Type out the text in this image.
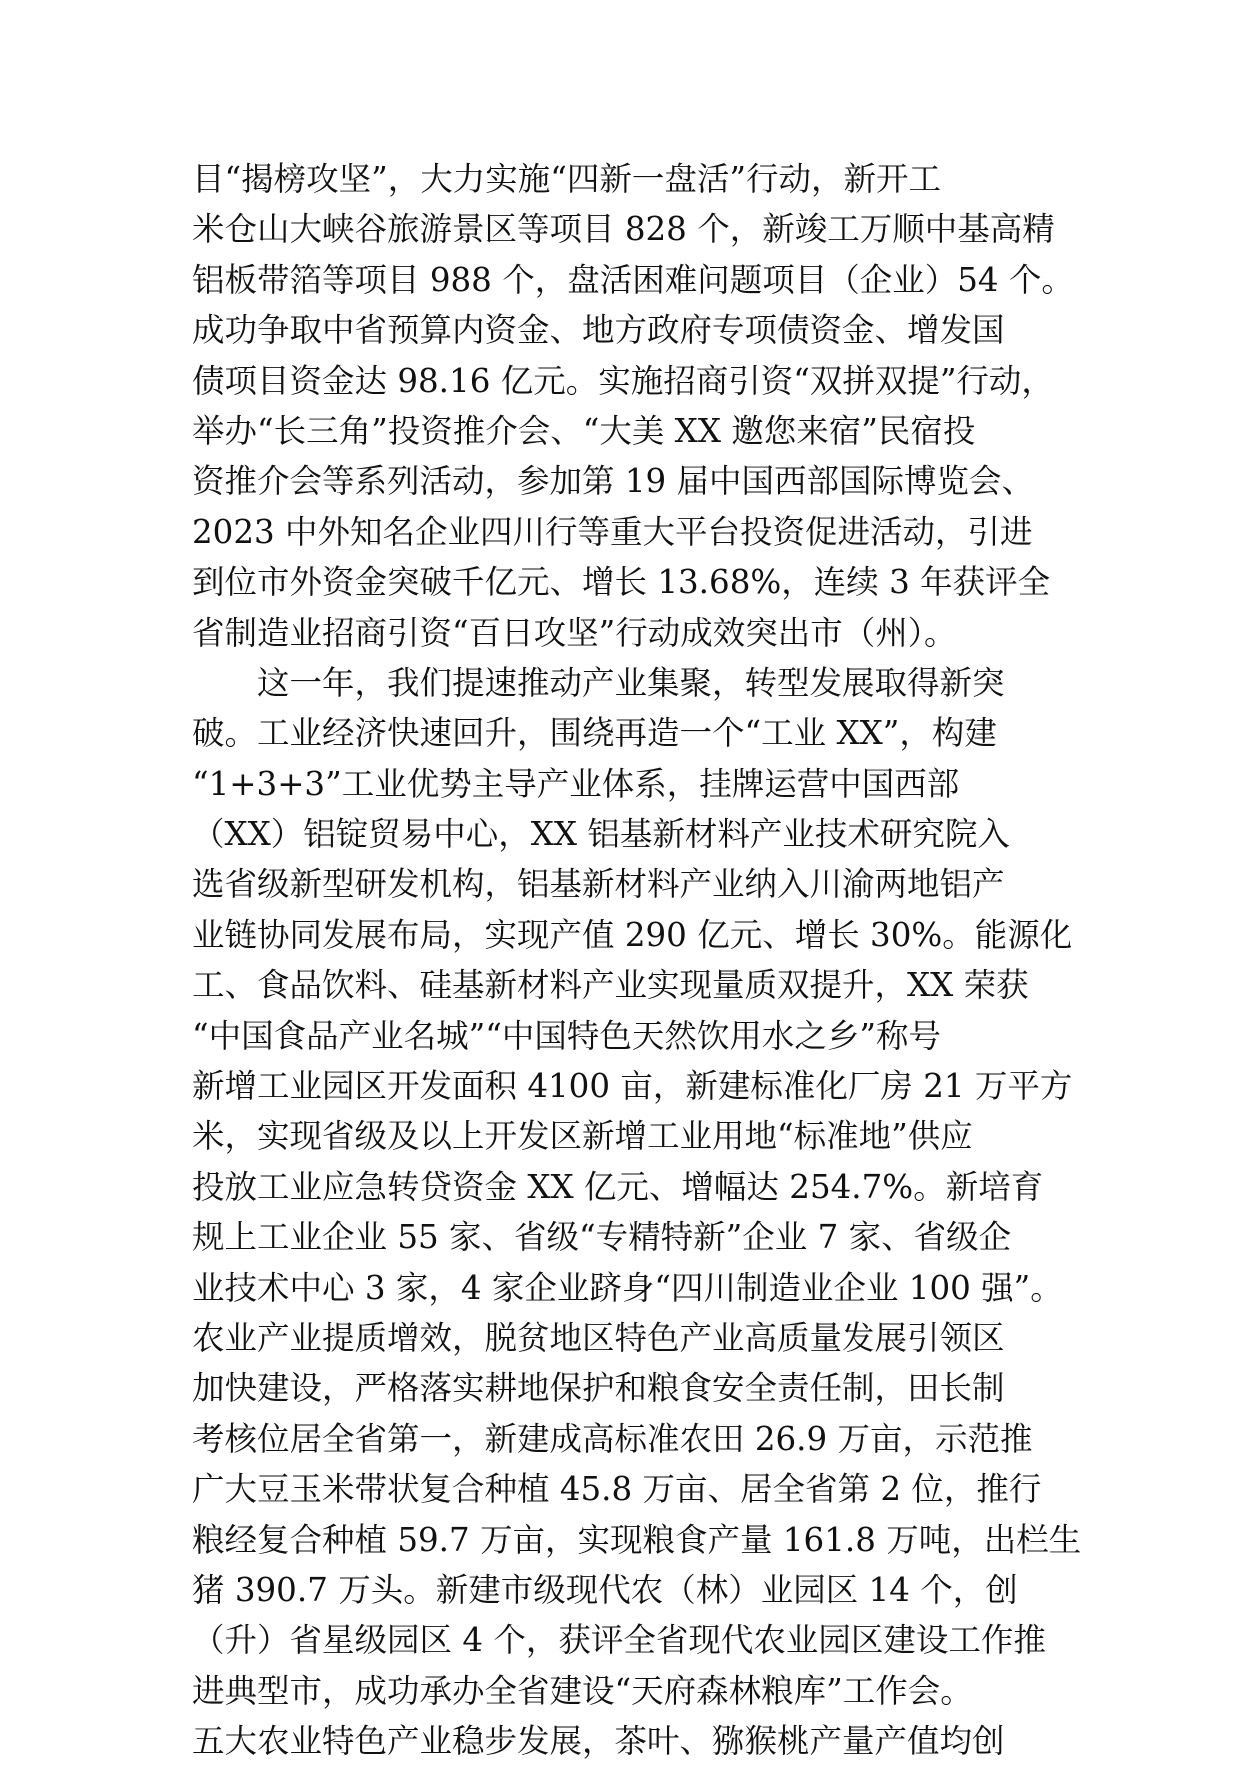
目“揭榜攻坚”，大力实施“四新一盘活”行动，新开工
米仓山大峡谷旅游景区等项目 828 个，新竣工万顺中基高精
铝板带箔等项目 988 个，盘活困难问题项目（企业）54 个。
成功争取中省预算内资金、地方政府专项债资金、增发国
债项目资金达 98.16 亿元。实施招商引资“双拼双提”行动，
举办“长三角”投资推介会、“大美 XX 邀您来宿”民宿投
资推介会等系列活动，参加第 19 届中国西部国际博览会、
2023 中外知名企业四川行等重大平台投资促进活动，引进
到位市外资金突破千亿元、增长 13.68%，连续 3 年获评全
省制造业招商引资“百日攻坚”行动成效突出市（州）。
　　这一年，我们提速推动产业集聚，转型发展取得新突
破。工业经济快速回升，围绕再造一个“工业 XX”，构建
“1+3+3”工业优势主导产业体系，挂牌运营中国西部
（XX）铝锭贸易中心，XX 铝基新材料产业技术研究院入
选省级新型研发机构，铝基新材料产业纳入川渝两地铝产
业链协同发展布局，实现产值 290 亿元、增长 30%。能源化
工、食品饮料、硅基新材料产业实现量质双提升，XX 荣获
“中国食品产业名城”“中国特色天然饮用水之乡”称号
新增工业园区开发面积 4100 亩，新建标准化厂房 21 万平方
米，实现省级及以上开发区新增工业用地“标准地”供应
投放工业应急转贷资金 XX 亿元、增幅达 254.7%。新培育
规上工业企业 55 家、省级“专精特新”企业 7 家、省级企
业技术中心 3 家，4 家企业跻身“四川制造业企业 100 强”。
农业产业提质增效，脱贫地区特色产业高质量发展引领区
加快建设，严格落实耕地保护和粮食安全责任制，田长制
考核位居全省第一，新建成高标准农田 26.9 万亩，示范推
广大豆玉米带状复合种植 45.8 万亩、居全省第 2 位，推行
粮经复合种植 59.7 万亩，实现粮食产量 161.8 万吨，出栏生
猪 390.7 万头。新建市级现代农（林）业园区 14 个，创
（升）省星级园区 4 个，获评全省现代农业园区建设工作推
进典型市，成功承办全省建设“天府森林粮库”工作会。
五大农业特色产业稳步发展，茶叶、猕猴桃产量产值均创
